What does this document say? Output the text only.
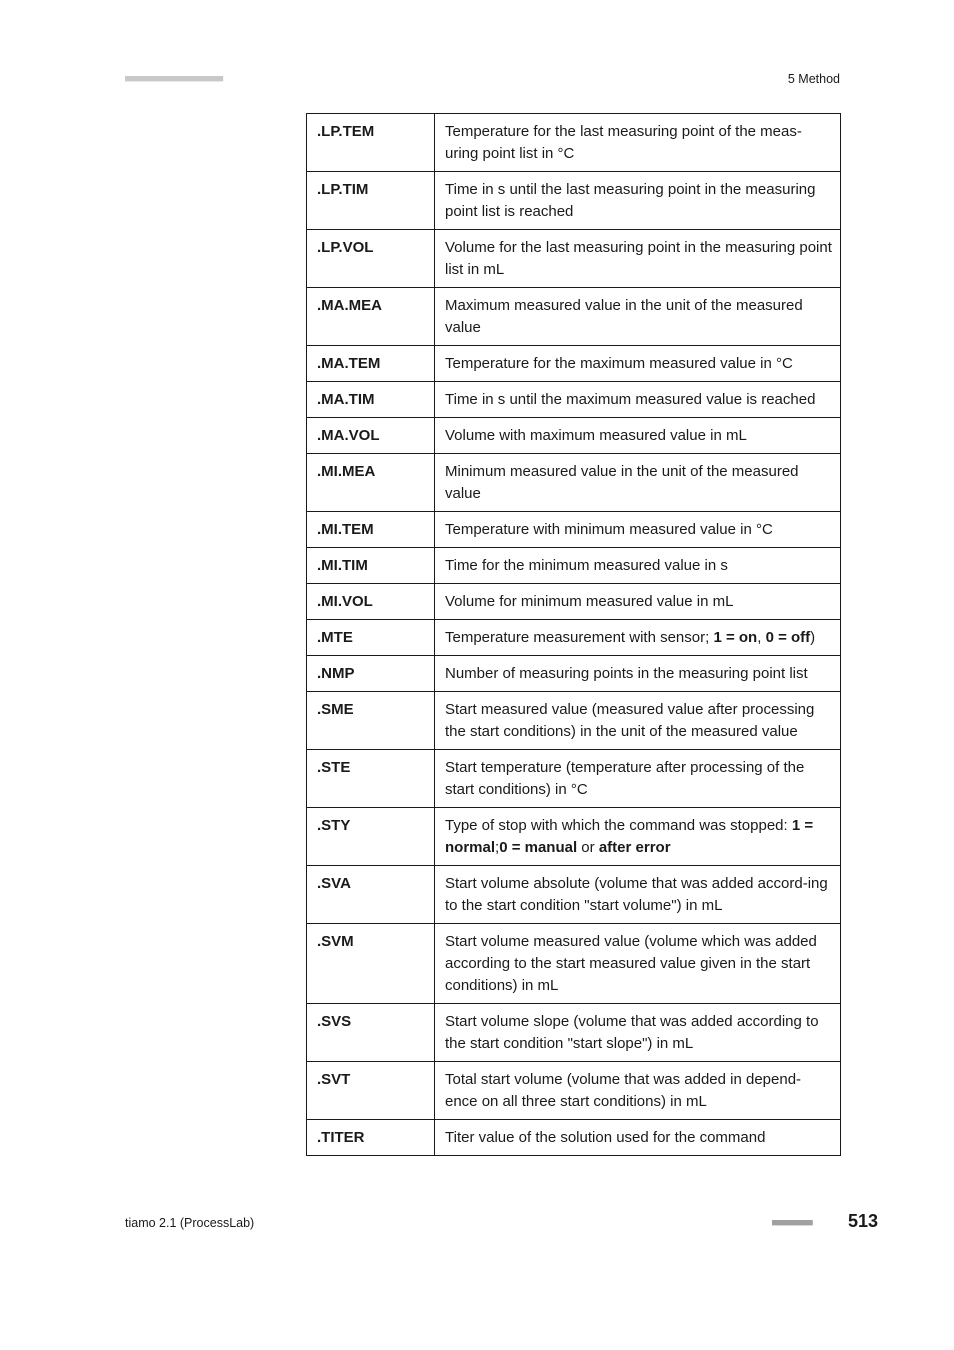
■■■■■■■■■■■■■■■■■■■■■■	5 Method
.LP.TEM	Temperature for the last measuring point of the meas-uring point list in °C
.LP.TIM	Time in s until the last measuring point in the measuring point list is reached
.LP.VOL	Volume for the last measuring point in the measuring point list in mL
.MA.MEA	Maximum measured value in the unit of the measured value
.MA.TEM	Temperature for the maximum measured value in °C
.MA.TIM	Time in s until the maximum measured value is reached
.MA.VOL	Volume with maximum measured value in mL
.MI.MEA	Minimum measured value in the unit of the measured value
.MI.TEM	Temperature with minimum measured value in °C
.MI.TIM	Time for the minimum measured value in s
.MI.VOL	Volume for minimum measured value in mL
.MTE	Temperature measurement with sensor; 1 = on, 0 = off)
.NMP	Number of measuring points in the measuring point list
.SME	Start measured value (measured value after processing the start conditions) in the unit of the measured value
.STE	Start temperature (temperature after processing of the start conditions) in °C
.STY	Type of stop with which the command was stopped: 1 = normal;0 = manual or after error
.SVA	Start volume absolute (volume that was added accord-ing to the start condition "start volume") in mL
.SVM	Start volume measured value (volume which was added according to the start measured value given in the start conditions) in mL
.SVS	Start volume slope (volume that was added according to the start condition "start slope") in mL
.SVT	Total start volume (volume that was added in depend-ence on all three start conditions) in mL
.TITER	Titer value of the solution used for the command
tiamo 2.1 (ProcessLab)	■■■■■■■■■ 513
